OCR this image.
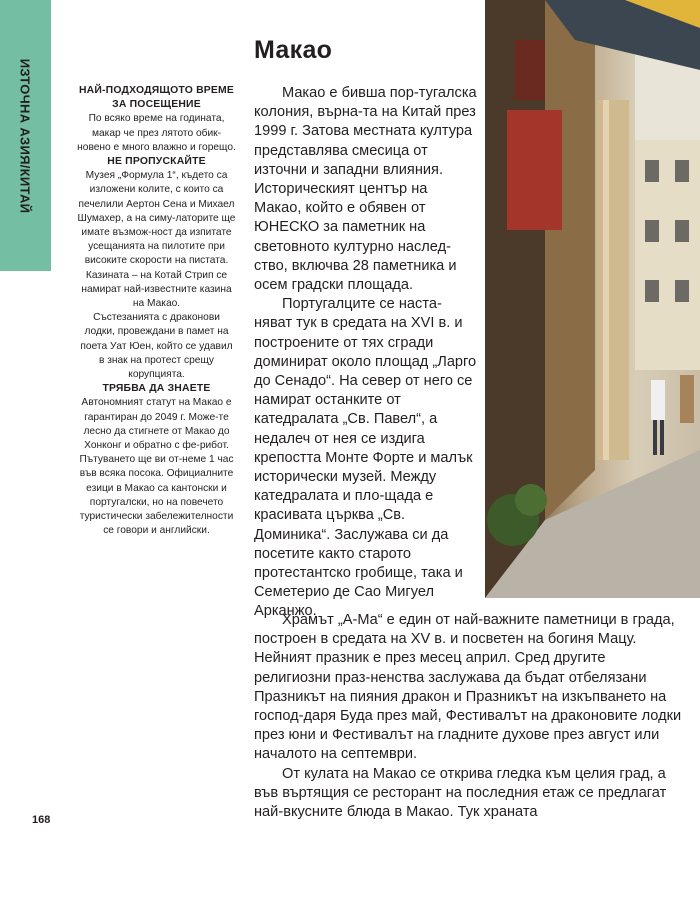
ИЗТОЧНА АЗИЯ/КИТАЙ
Макао
НАЙ-ПОДХОДЯЩОТО ВРЕМЕ ЗА ПОСЕЩЕНИЕ

По всяко време на годината, макар че през лятото обик-новено е много влажно и горещо.

НЕ ПРОПУСКАЙТЕ

Музея „Формула 1“, където са изложени колите, с които са печелили Аертон Сена и Михаел Шумахер, а на симу-латорите ще имате възмож-ност да изпитате усещанията на пилотите при високите скорости на пистата.

Казината – на Котай Стрип се намират най-известните казина на Макао.

Състезанията с драконови лодки, провеждани в памет на поета Уат Юен, който се удавил в знак на протест срещу корупцията.

ТРЯБВА ДА ЗНАЕТЕ

Автономният статут на Макао е гарантиран до 2049 г. Може-те лесно да стигнете от Макао до Хонконг и обратно с фе-рибот. Пътуването ще ви от-неме 1 час във всяка посока. Официалните езици в Макао са кантонски и португалски, но на повечето туристически забележителности се говори и английски.

Макао е бивша пор-тугалска колония, върна-та на Китай през 1999 г. Затова местната култура представлява смесица от източни и западни влияния. Историческият център на Макао, който е обявен от ЮНЕСКО за паметник на световното културно наслед-ство, включва 28 паметника и осем градски площада.

Португалците се наста-няват тук в средата на XVI в. и построените от тях сгради доминират около площад „Ларго до Сенадо“. На север от него се намират останките от катедралата „Св. Павел“, а недалеч от нея се издига крепостта Монте Форте и малък исторически музей. Между катедралата и пло-щада е красивата църква „Св. Доминика“. Заслужава си да посетите както старото протестантско гробище, така и Семетерио де Сао Мигуел

Арканжо.

Храмът „А-Ма“ е един от най-важните паметници в града, построен в средата на XV в. и посветен на богиня Мацу. Нейният празник е през месец април. Сред другите религиозни праз-ненства заслужава да бъдат отбелязани Празникът на пияния дракон и Празникът на изкъпването на господ-даря Буда през май, Фестивалът на драконовите лодки през юни и Фестивалът на гладните духове през август или началото на септември.

От кулата на Макао се открива гледка към целия град, а във въртящия се ресторант на последния етаж се предлагат най-вкусните блюда в Макао. Тук храната

168
